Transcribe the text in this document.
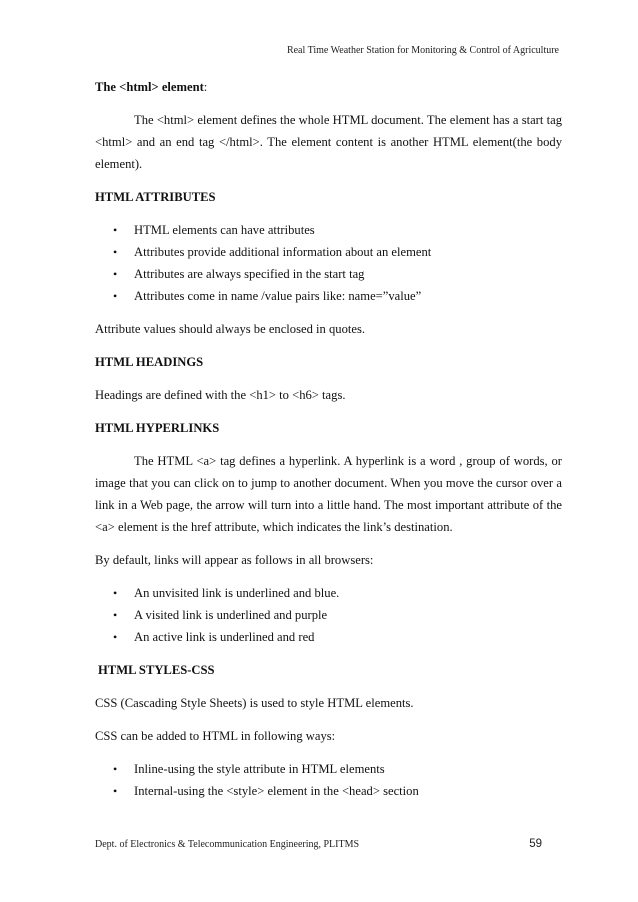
Real Time Weather Station for Monitoring & Control of Agriculture

The <html> element:

The <html> element defines the whole HTML document. The element has a start tag <html> and an end tag </html>. The element content is another HTML element(the body element).

HTML ATTRIBUTES

• HTML elements can have attributes
• Attributes provide additional information about an element
• Attributes are always specified in the start tag
• Attributes come in name /value pairs like: name=”value”

Attribute values should always be enclosed in quotes.

HTML HEADINGS

Headings are defined with the <h1> to <h6> tags.

HTML HYPERLINKS

The HTML <a> tag defines a hyperlink. A hyperlink is a word , group of words, or image that you can click on to jump to another document. When you move the cursor over a link in a Web page, the arrow will turn into a little hand. The most important attribute of the <a> element is the href attribute, which indicates the link’s destination.

By default, links will appear as follows in all browsers:

• An unvisited link is underlined and blue.
• A visited link is underlined and purple
• An active link is underlined and red

HTML STYLES-CSS

CSS (Cascading Style Sheets) is used to style HTML elements.

CSS can be added to HTML in following ways:

• Inline-using the style attribute in HTML elements
• Internal-using the <style> element in the <head> section
Dept. of Electronics & Telecommunication Engineering, PLITMS	59
